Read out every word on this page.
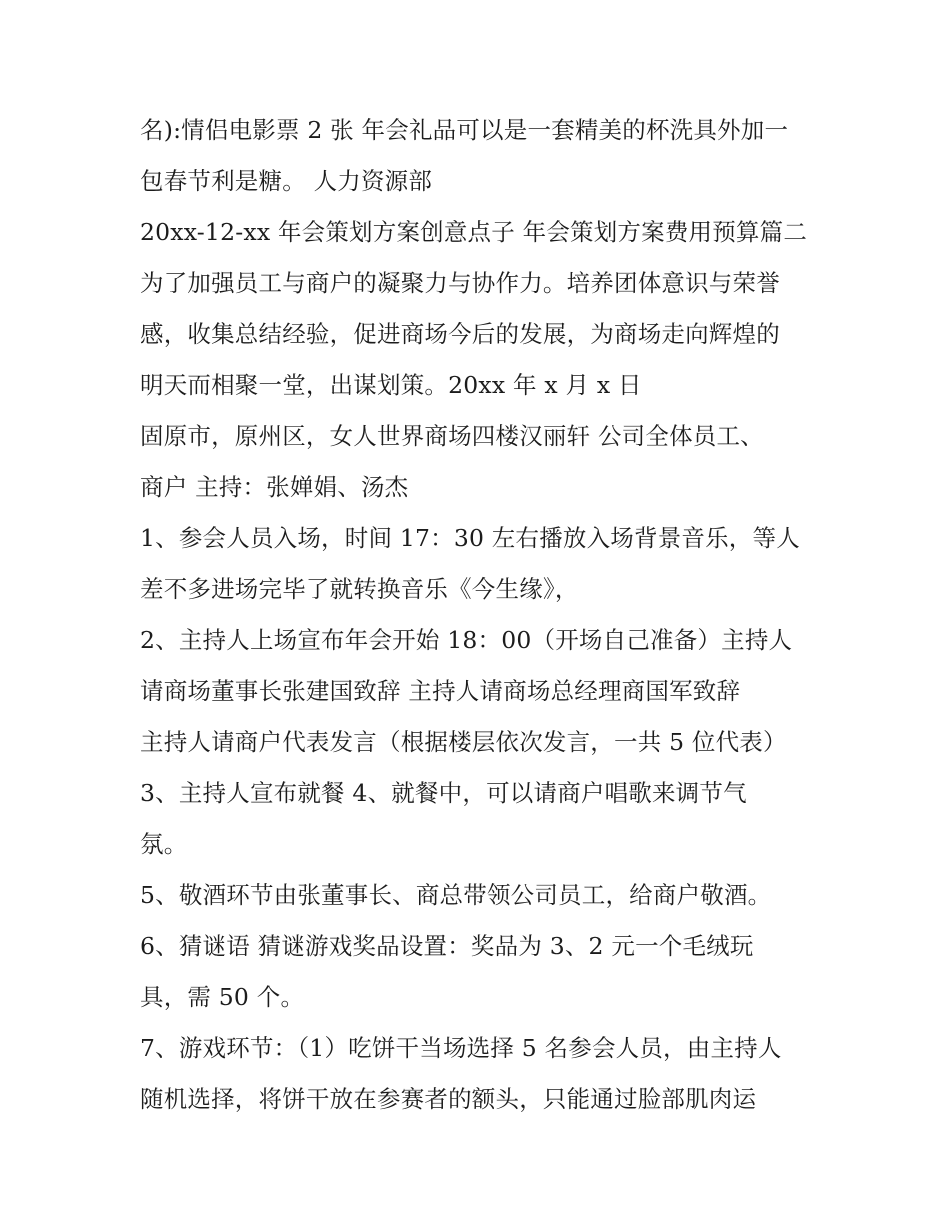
名):情侣电影票 2 张 年会礼品可以是一套精美的杯洗具外加一
包春节利是糖。 人力资源部
20xx-12-xx 年会策划方案创意点子 年会策划方案费用预算篇二
为了加强员工与商户的凝聚力与协作力。培养团体意识与荣誉
感，收集总结经验，促进商场今后的发展，为商场走向辉煌的
明天而相聚一堂，出谋划策。20xx 年 x 月 x 日
固原市，原州区，女人世界商场四楼汉丽轩 公司全体员工、
商户 主持：张婵娟、汤杰
1、参会人员入场，时间 17：30 左右播放入场背景音乐，等人
差不多进场完毕了就转换音乐《今生缘》，
2、主持人上场宣布年会开始 18：00（开场自己准备）主持人
请商场董事长张建国致辞 主持人请商场总经理商国军致辞
主持人请商户代表发言（根据楼层依次发言，一共 5 位代表）
3、主持人宣布就餐 4、就餐中，可以请商户唱歌来调节气
氛。
5、敬酒环节由张董事长、商总带领公司员工，给商户敬酒。
6、猜谜语 猜谜游戏奖品设置：奖品为 3、2 元一个毛绒玩
具，需 50 个。
7、游戏环节：（1）吃饼干当场选择 5 名参会人员，由主持人
随机选择，将饼干放在参赛者的额头，只能通过脸部肌肉运
